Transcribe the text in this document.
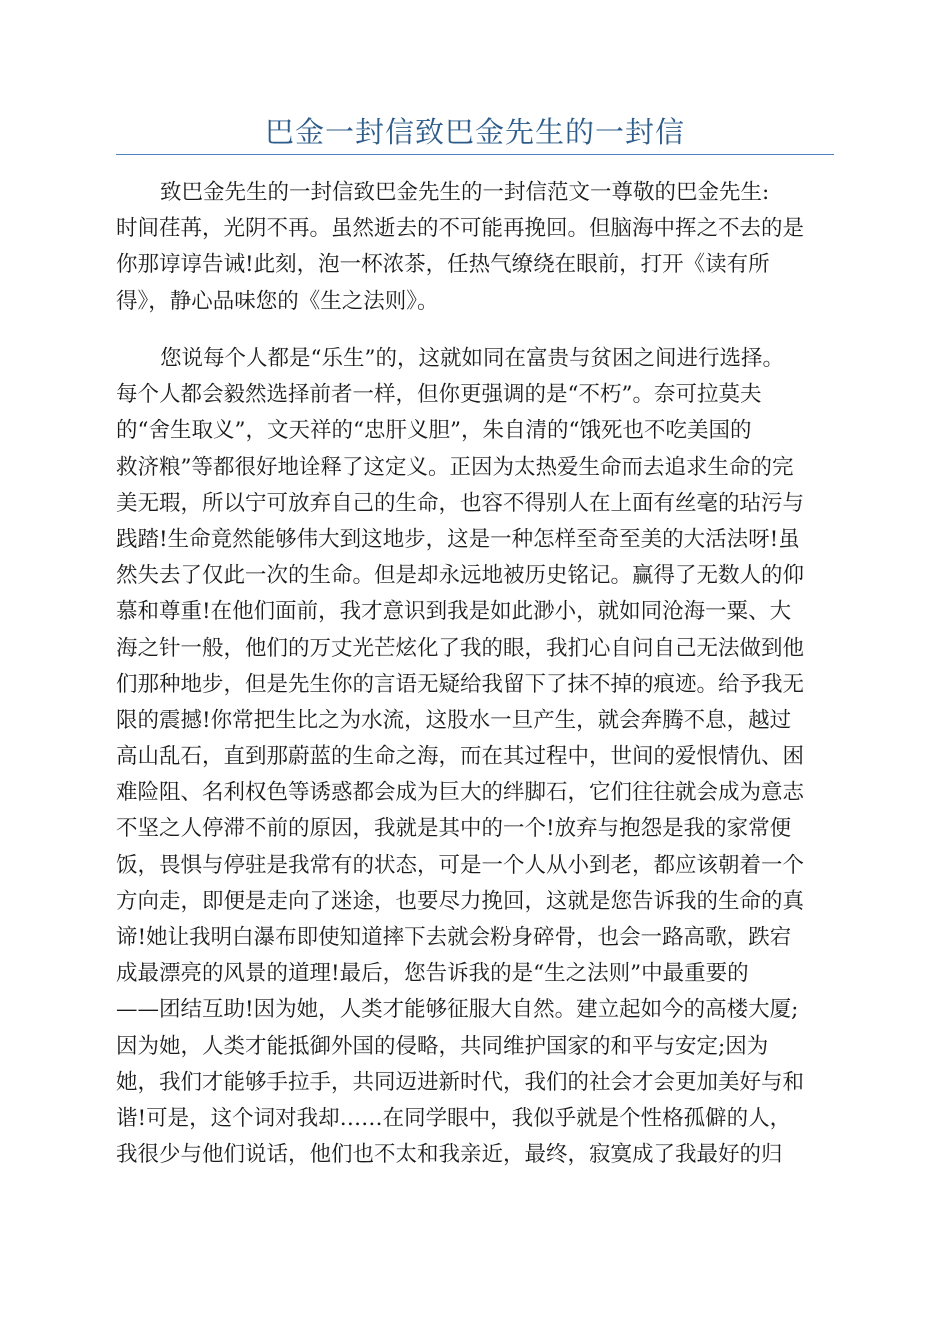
巴金一封信致巴金先生的一封信
致巴金先生的一封信致巴金先生的一封信范文一尊敬的巴金先生:
时间荏苒，光阴不再。虽然逝去的不可能再挽回。但脑海中挥之不去的是
你那谆谆告诫!此刻，泡一杯浓茶，任热气缭绕在眼前，打开《读有所
得》，静心品味您的《生之法则》。
您说每个人都是“乐生”的，这就如同在富贵与贫困之间进行选择。
每个人都会毅然选择前者一样，但你更强调的是“不朽”。奈可拉莫夫
的“舍生取义”，文天祥的“忠肝义胆”，朱自清的“饿死也不吃美国的
救济粮”等都很好地诠释了这定义。正因为太热爱生命而去追求生命的完
美无瑕，所以宁可放弃自己的生命，也容不得别人在上面有丝毫的玷污与
践踏!生命竟然能够伟大到这地步，这是一种怎样至奇至美的大活法呀!虽
然失去了仅此一次的生命。但是却永远地被历史铭记。赢得了无数人的仰
慕和尊重!在他们面前，我才意识到我是如此渺小，就如同沧海一粟、大
海之针一般，他们的万丈光芒炫化了我的眼，我扪心自问自己无法做到他
们那种地步，但是先生你的言语无疑给我留下了抹不掉的痕迹。给予我无
限的震撼!你常把生比之为水流，这股水一旦产生，就会奔腾不息，越过
高山乱石，直到那蔚蓝的生命之海，而在其过程中，世间的爱恨情仇、困
难险阻、名利权色等诱惑都会成为巨大的绊脚石，它们往往就会成为意志
不坚之人停滞不前的原因，我就是其中的一个!放弃与抱怨是我的家常便
饭，畏惧与停驻是我常有的状态，可是一个人从小到老，都应该朝着一个
方向走，即便是走向了迷途，也要尽力挽回，这就是您告诉我的生命的真
谛!她让我明白瀑布即使知道摔下去就会粉身碎骨，也会一路高歌，跌宕
成最漂亮的风景的道理!最后，您告诉我的是“生之法则”中最重要的
——团结互助!因为她，人类才能够征服大自然。建立起如今的高楼大厦;
因为她，人类才能抵御外国的侵略，共同维护国家的和平与安定;因为
她，我们才能够手拉手，共同迈进新时代，我们的社会才会更加美好与和
谐!可是，这个词对我却……在同学眼中，我似乎就是个性格孤僻的人，
我很少与他们说话，他们也不太和我亲近，最终，寂寞成了我最好的归
